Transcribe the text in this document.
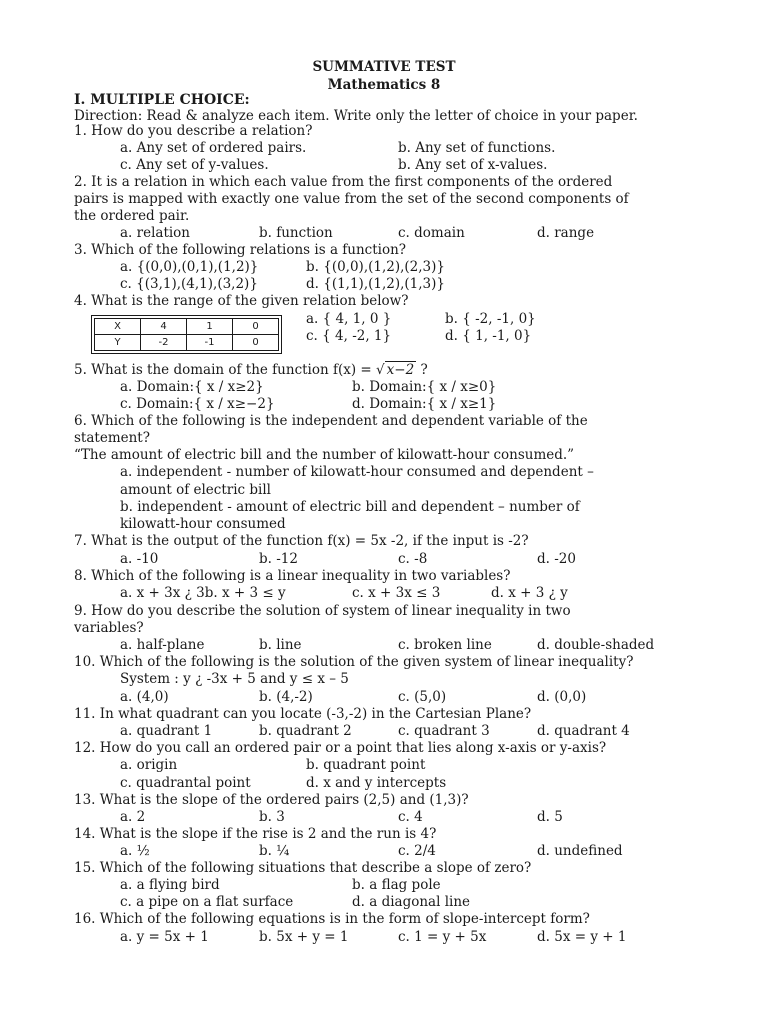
SUMMATIVE TEST
Mathematics 8
I. MULTIPLE CHOICE:
Direction: Read & analyze each item. Write only the letter of choice in your paper.
1. How do you describe a relation?
a. Any set of ordered pairs.	b. Any set of functions.
c. Any set of y-values.	b. Any set of x-values.
2. It is a relation in which each value from the first components of the ordered
pairs is mapped with exactly one value from the set of the second components of
the ordered pair.
a. relation	b. function	c. domain	d. range
3. Which of the following relations is a function?
a. {(0,0),(0,1),(1,2)}	b. {(0,0),(1,2),(2,3)}
c. {(3,1),(4,1),(3,2)}	d. {(1,1),(1,2),(1,3)}
4. What is the range of the given relation below?
X	4	1	0
Y	-2	-1	0
a. { 4, 1, 0 }	b. { -2, -1, 0}
c. { 4, -2, 1}	d. { 1, -1, 0}
5. What is the domain of the function f(x) = √ x−2 ?
a. Domain:{ x / x≥2}	b. Domain:{ x / x≥0}
c. Domain:{ x / x≥−2}	d. Domain:{ x / x≥1}
6. Which of the following is the independent and dependent variable of the
statement?
“The amount of electric bill and the number of kilowatt-hour consumed.”
a. independent - number of kilowatt-hour consumed and dependent –
amount of electric bill
b. independent - amount of electric bill and dependent – number of
kilowatt-hour consumed
7. What is the output of the function f(x) = 5x -2, if the input is -2?
a. -10	b. -12	c. -8	d. -20
8. Which of the following is a linear inequality in two variables?
a. x + 3x ¿ 3b. x + 3 ≤ y	c. x + 3x ≤ 3	d. x + 3 ¿ y
9. How do you describe the solution of system of linear inequality in two
variables?
a. half-plane	b. line	c. broken line	d. double-shaded
10. Which of the following is the solution of the given system of linear inequality?
System : y ¿ -3x + 5 and y ≤ x – 5
a. (4,0)	b. (4,-2)	c. (5,0)	d. (0,0)
11. In what quadrant can you locate (-3,-2) in the Cartesian Plane?
a. quadrant 1	b. quadrant 2	c. quadrant 3	d. quadrant 4
12. How do you call an ordered pair or a point that lies along x-axis or y-axis?
a. origin	b. quadrant point
c. quadrantal point	d. x and y intercepts
13. What is the slope of the ordered pairs (2,5) and (1,3)?
a. 2	b. 3	c. 4	d. 5
14. What is the slope if the rise is 2 and the run is 4?
a. ½	b. ¼	c. 2/4	d. undefined
15. Which of the following situations that describe a slope of zero?
a. a flying bird	b. a flag pole
c. a pipe on a flat surface	d. a diagonal line
16. Which of the following equations is in the form of slope-intercept form?
a. y = 5x + 1	b. 5x + y = 1	c. 1 = y + 5x	d. 5x = y + 1
